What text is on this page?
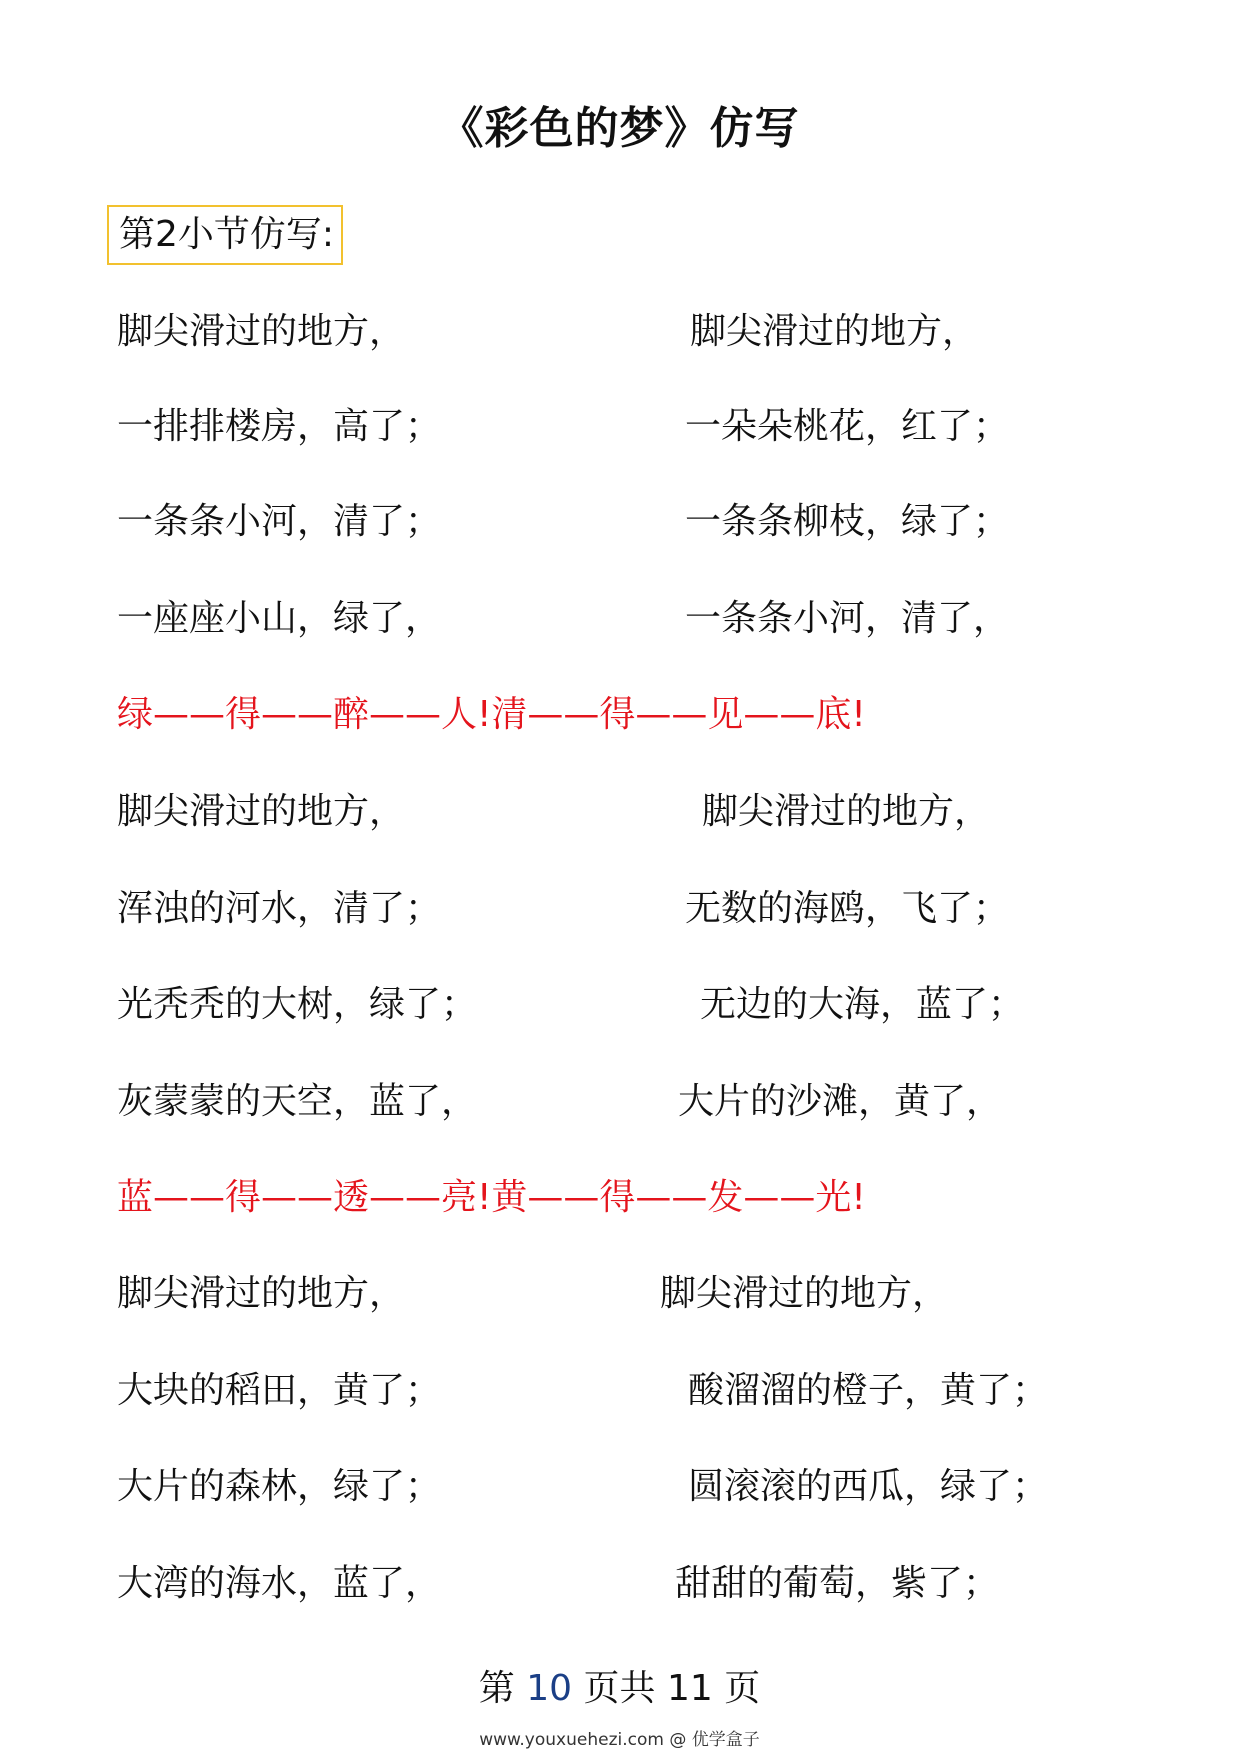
《彩色的梦》仿写
第2小节仿写:
脚尖滑过的地方，	脚尖滑过的地方，
一排排楼房，高了；	一朵朵桃花，红了；
一条条小河，清了；	一条条柳枝，绿了；
一座座小山，绿了，	一条条小河，清了，
绿——得——醉——人!清——得——见——底!
脚尖滑过的地方，	脚尖滑过的地方，
浑浊的河水，清了；	无数的海鸥，飞了；
光秃秃的大树，绿了；	无边的大海，蓝了；
灰蒙蒙的天空，蓝了，	大片的沙滩，黄了，
蓝——得——透——亮!黄——得——发——光!
脚尖滑过的地方，	脚尖滑过的地方，
大块的稻田，黄了；	酸溜溜的橙子，黄了；
大片的森林，绿了；	圆滚滚的西瓜，绿了；
大湾的海水，蓝了，	甜甜的葡萄，紫了；
第 10 页共 11 页
www.youxuehezi.com @ 优学盒子
